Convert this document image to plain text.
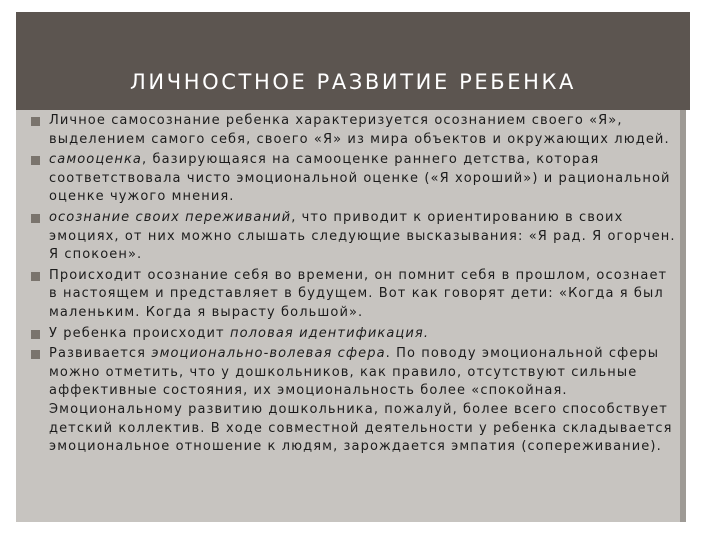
ЛИЧНОСТНОЕ РАЗВИТИЕ РЕБЕНКА
Личное самосознание ребенка характеризуется осознанием своего «Я», выделением самого себя, своего «Я» из мира объектов и окружающих людей.
самооценка, базирующаяся на самооценке раннего детства, которая соответствовала чисто эмоциональной оценке («Я хороший») и рациональной оценке чужого мнения.
осознание своих переживаний, что приводит к ориентированию в своих эмоциях, от них можно слышать следующие высказывания: «Я рад. Я огорчен. Я спокоен».
Происходит осознание себя во времени, он помнит себя в прошлом, осознает в настоящем и представляет в будущем. Вот как говорят дети: «Когда я был маленьким. Когда я вырасту большой».
У ребенка происходит половая идентификация.
Развивается эмоционально-волевая сфера. По поводу эмоциональной сферы можно отметить, что у дошкольников, как правило, отсутствуют сильные аффективные состояния, их эмоциональность более «спокойная. Эмоциональному развитию дошкольника, пожалуй, более всего способствует детский коллектив. В ходе совместной деятельности у ребенка складывается эмоциональное отношение к людям, зарождается эмпатия (сопереживание).
